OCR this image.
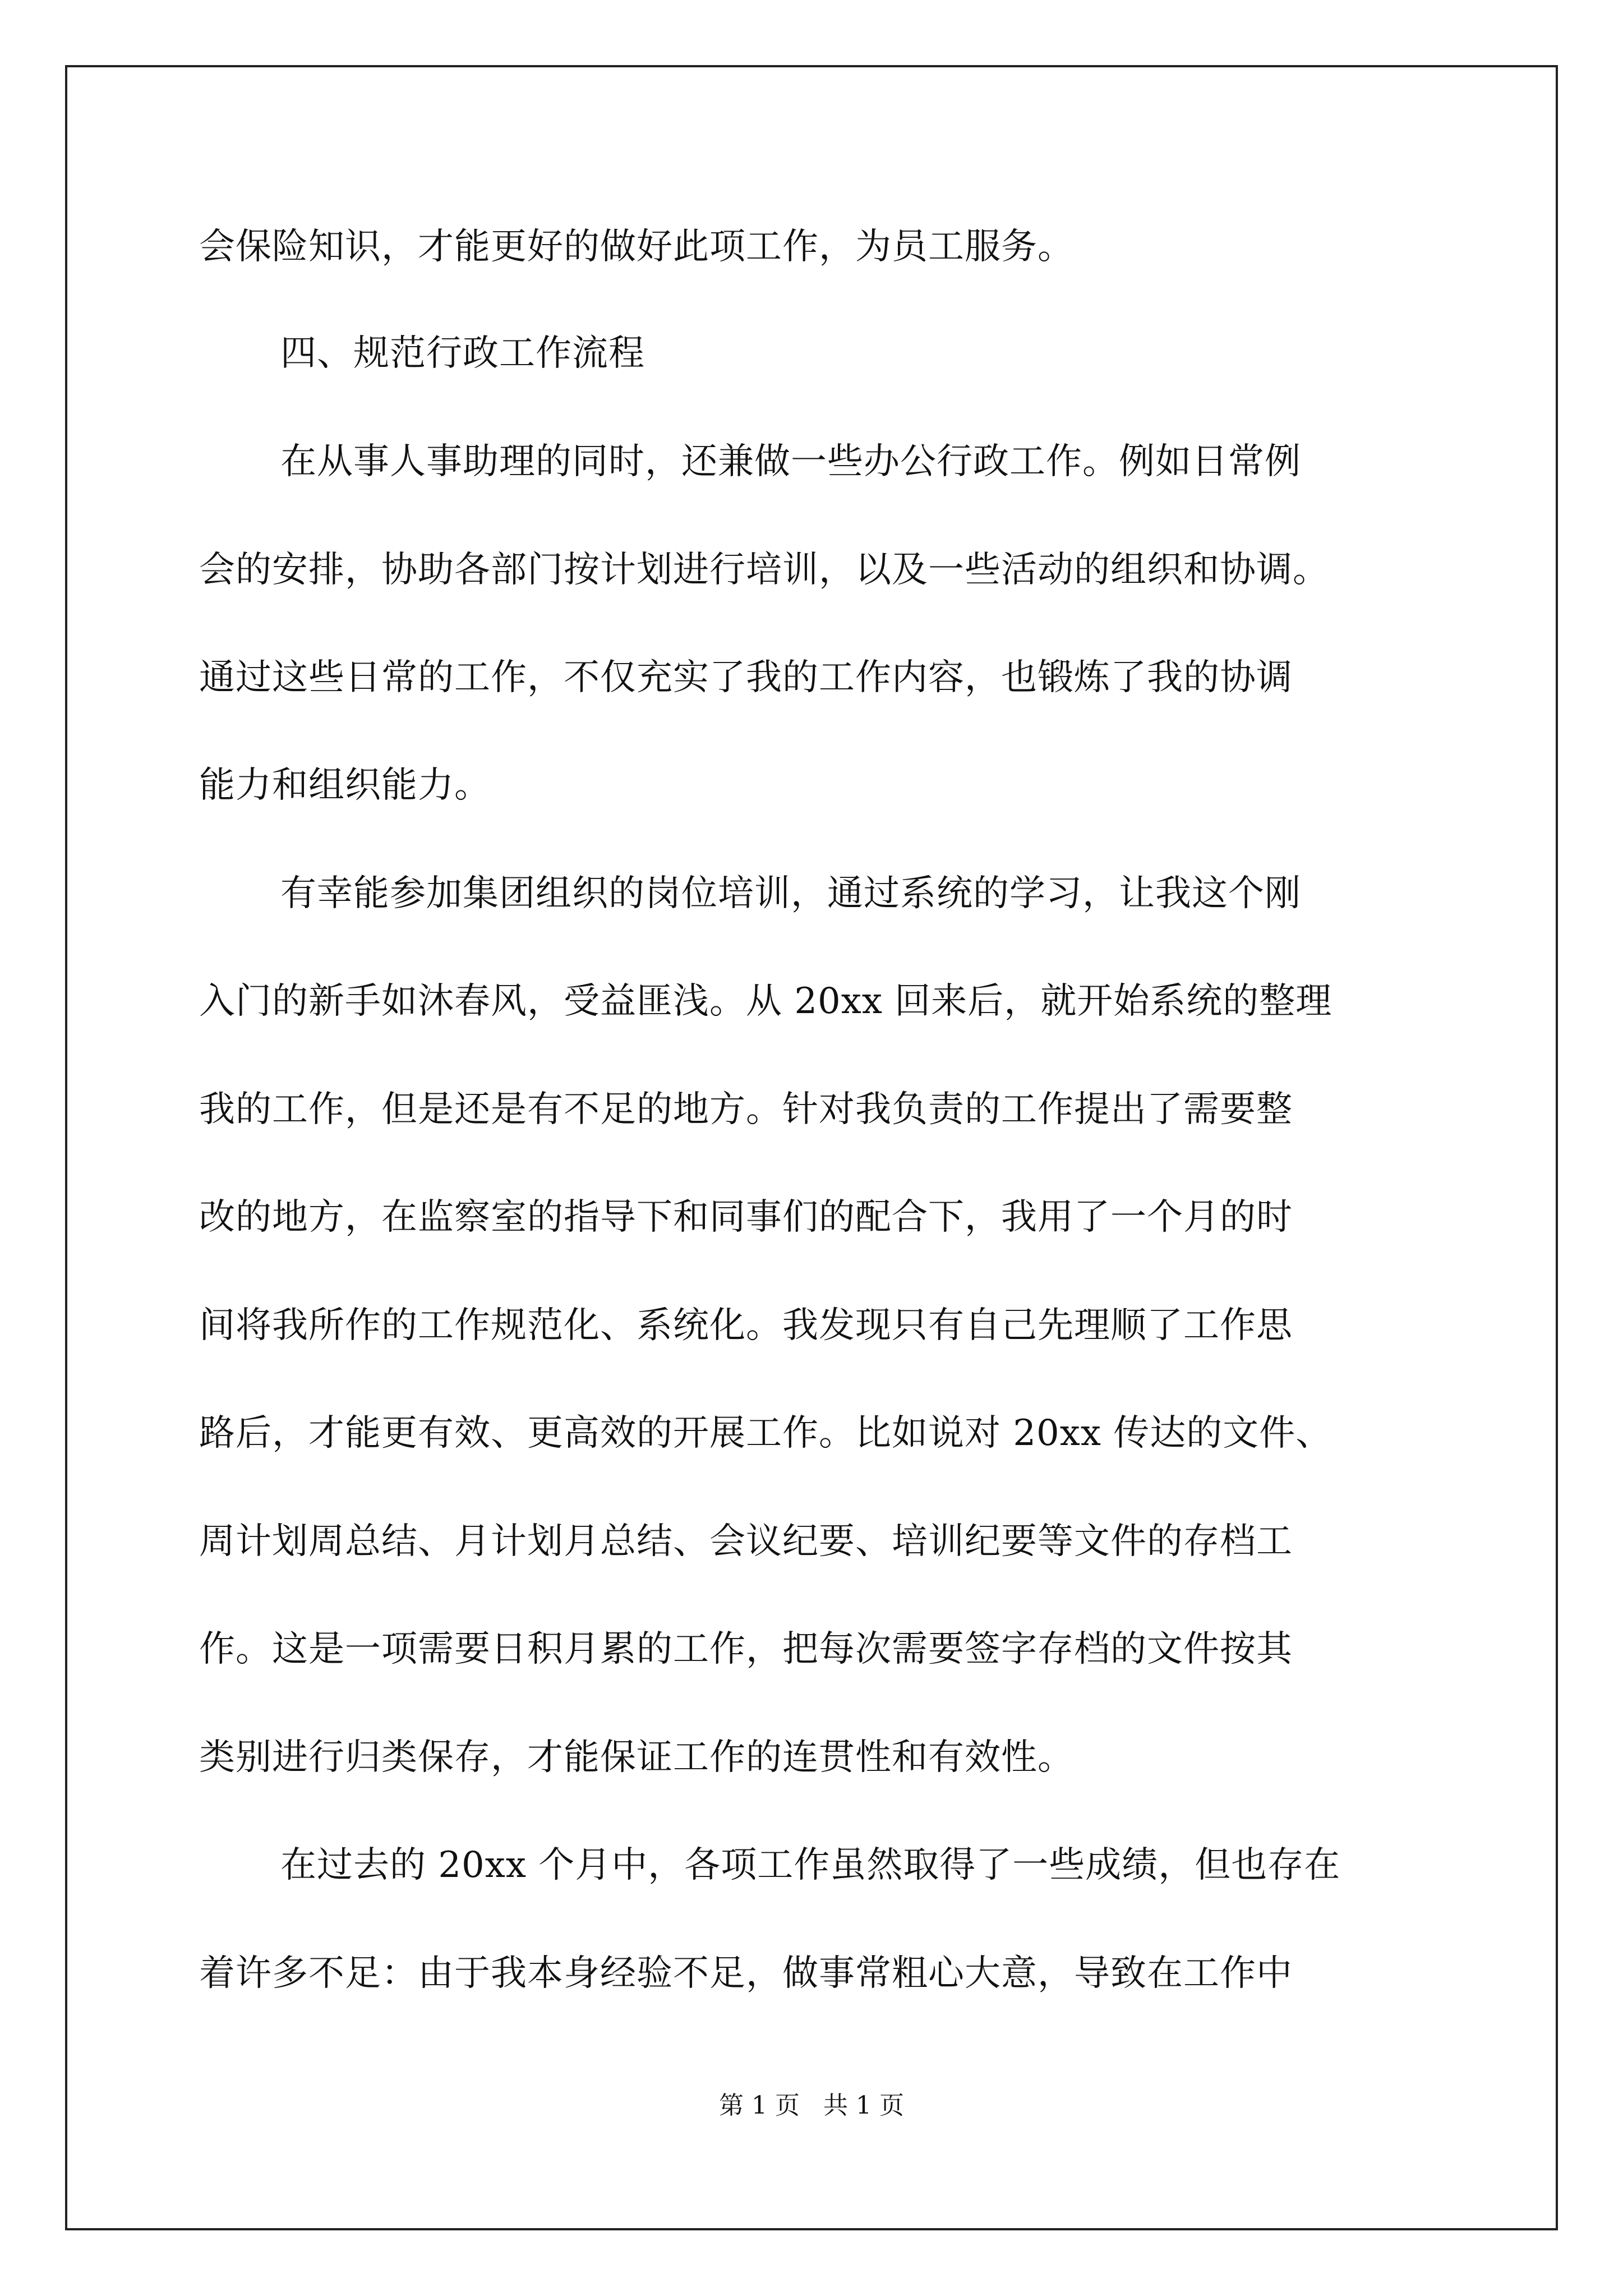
会保险知识，才能更好的做好此项工作，为员工服务。
四、规范行政工作流程
在从事人事助理的同时，还兼做一些办公行政工作。例如日常例
会的安排，协助各部门按计划进行培训，以及一些活动的组织和协调。
通过这些日常的工作，不仅充实了我的工作内容，也锻炼了我的协调
能力和组织能力。
有幸能参加集团组织的岗位培训，通过系统的学习，让我这个刚
入门的新手如沐春风，受益匪浅。从 20xx 回来后，就开始系统的整理
我的工作，但是还是有不足的地方。针对我负责的工作提出了需要整
改的地方，在监察室的指导下和同事们的配合下，我用了一个月的时
间将我所作的工作规范化、系统化。我发现只有自己先理顺了工作思
路后，才能更有效、更高效的开展工作。比如说对 20xx 传达的文件、
周计划周总结、月计划月总结、会议纪要、培训纪要等文件的存档工
作。这是一项需要日积月累的工作，把每次需要签字存档的文件按其
类别进行归类保存，才能保证工作的连贯性和有效性。
在过去的 20xx 个月中，各项工作虽然取得了一些成绩，但也存在
着许多不足：由于我本身经验不足，做事常粗心大意，导致在工作中
第 1 页   共 1 页
